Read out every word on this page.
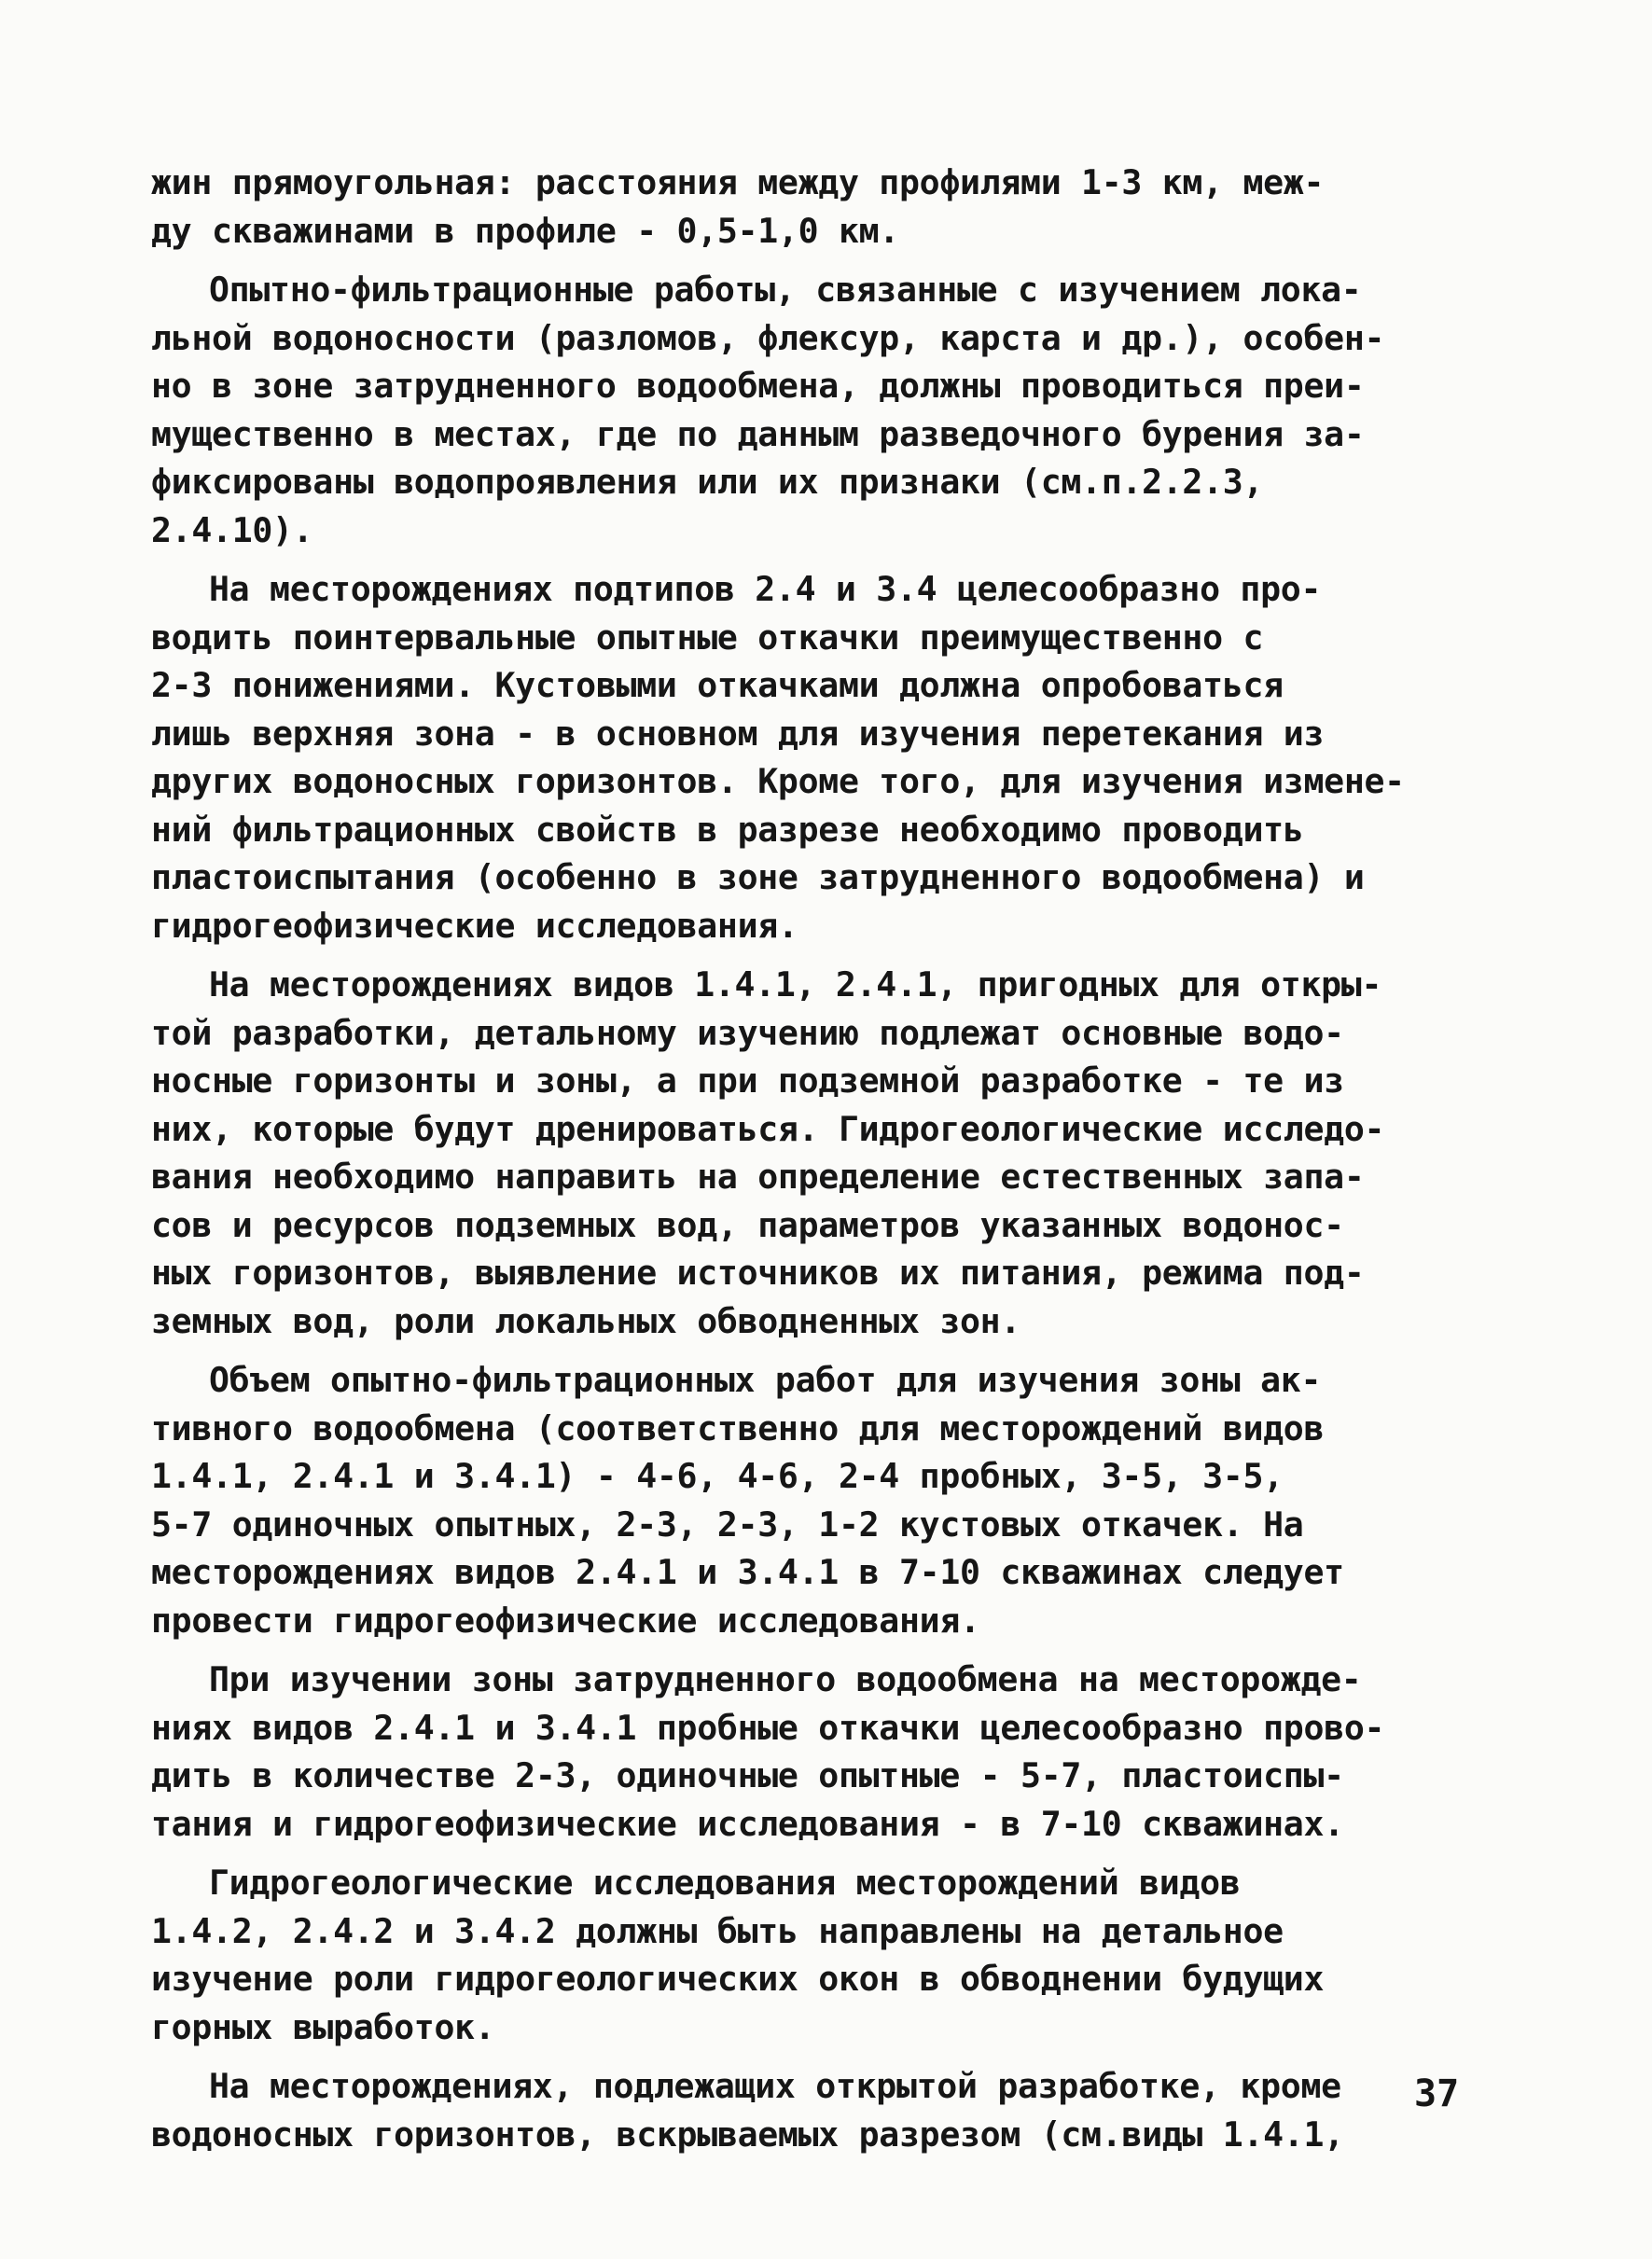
жин прямоугольная: расстояния между профилями 1-3 км, меж-
ду скважинами в профиле - 0,5-1,0 км.
Опытно-фильтрационные работы, связанные с изучением лока-
льной водоносности (разломов, флексур, карста и др.), особен-
но в зоне затрудненного водообмена, должны проводиться преи-
мущественно в местах, где по данным разведочного бурения за-
фиксированы водопроявления или их признаки (см.п.2.2.3,
2.4.10).
На месторождениях подтипов 2.4 и 3.4 целесообразно про-
водить поинтервальные опытные откачки преимущественно с
2-3 понижениями. Кустовыми откачками должна опробоваться
лишь верхняя зона - в основном для изучения перетекания из
других водоносных горизонтов. Кроме того, для изучения измене-
ний фильтрационных свойств в разрезе необходимо проводить
пластоиспытания (особенно в зоне затрудненного водообмена) и
гидрогеофизические исследования.
На месторождениях видов 1.4.1, 2.4.1, пригодных для откры-
той разработки, детальному изучению подлежат основные водо-
носные горизонты и зоны, а при подземной разработке - те из
них, которые будут дренироваться. Гидрогеологические исследо-
вания необходимо направить на определение естественных запа-
сов и ресурсов подземных вод, параметров указанных водонос-
ных горизонтов, выявление источников их питания, режима под-
земных вод, роли локальных обводненных зон.
Объем опытно-фильтрационных работ для изучения зоны ак-
тивного водообмена (соответственно для месторождений видов
1.4.1, 2.4.1 и 3.4.1) - 4-6, 4-6, 2-4 пробных, 3-5, 3-5,
5-7 одиночных опытных, 2-3, 2-3, 1-2 кустовых откачек. На
месторождениях видов 2.4.1 и 3.4.1 в 7-10 скважинах следует
провести гидрогеофизические исследования.
При изучении зоны затрудненного водообмена на месторожде-
ниях видов 2.4.1 и 3.4.1 пробные откачки целесообразно прово-
дить в количестве 2-3, одиночные опытные - 5-7, пластоиспы-
тания и гидрогеофизические исследования - в 7-10 скважинах.
Гидрогеологические исследования месторождений видов
1.4.2, 2.4.2 и 3.4.2 должны быть направлены на детальное
изучение роли гидрогеологических окон в обводнении будущих
горных выработок.
На месторождениях, подлежащих открытой разработке, кроме
водоносных горизонтов, вскрываемых разрезом (см.виды 1.4.1,
37
